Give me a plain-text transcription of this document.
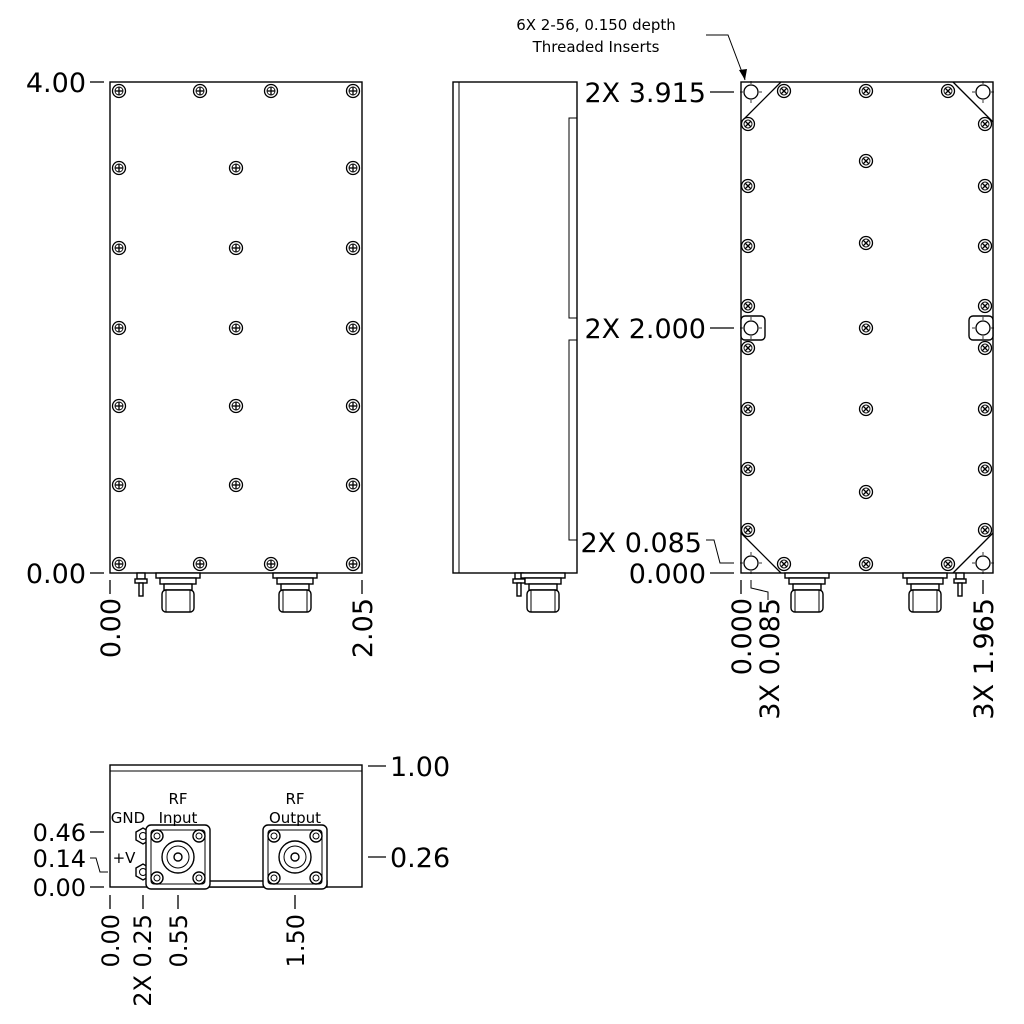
4.00
0.00
0.00	2.05
6X 2-56, 0.150 depth
Threaded Inserts
2X 3.915
2X 2.000
2X 0.085
0.000
0.000
3X 0.085	3X 1.965
GND
+V
RF
Input
RF
Output
0.46
0.14
0.00
1.00
0.26
0.00 2X 0.25 0.55	1.50
